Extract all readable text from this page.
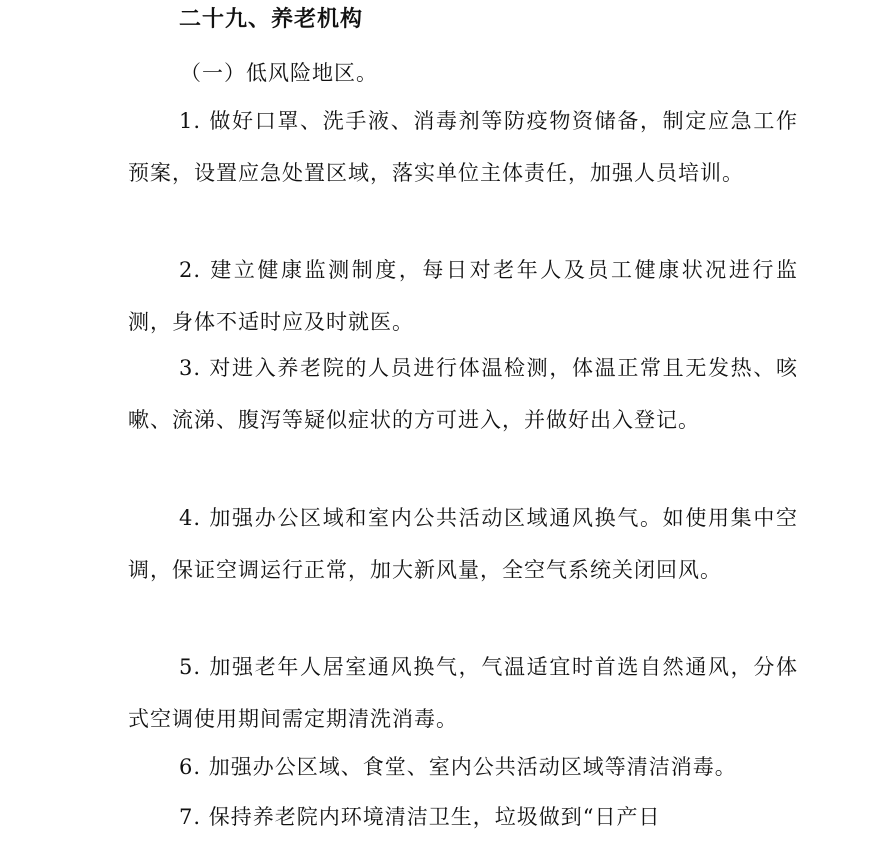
二十九、养老机构
（一）低风险地区。
1. 做好口罩、洗手液、消毒剂等防疫物资储备，制定应急工作预案，设置应急处置区域，落实单位主体责任，加强人员培训。
2. 建立健康监测制度，每日对老年人及员工健康状况进行监测，身体不适时应及时就医。
3. 对进入养老院的人员进行体温检测，体温正常且无发热、咳嗽、流涕、腹泻等疑似症状的方可进入，并做好出入登记。
4. 加强办公区域和室内公共活动区域通风换气。如使用集中空调，保证空调运行正常，加大新风量，全空气系统关闭回风。
5. 加强老年人居室通风换气，气温适宜时首选自然通风，分体式空调使用期间需定期清洗消毒。
6. 加强办公区域、食堂、室内公共活动区域等清洁消毒。
7. 保持养老院内环境清洁卫生，垃圾做到“日产日
